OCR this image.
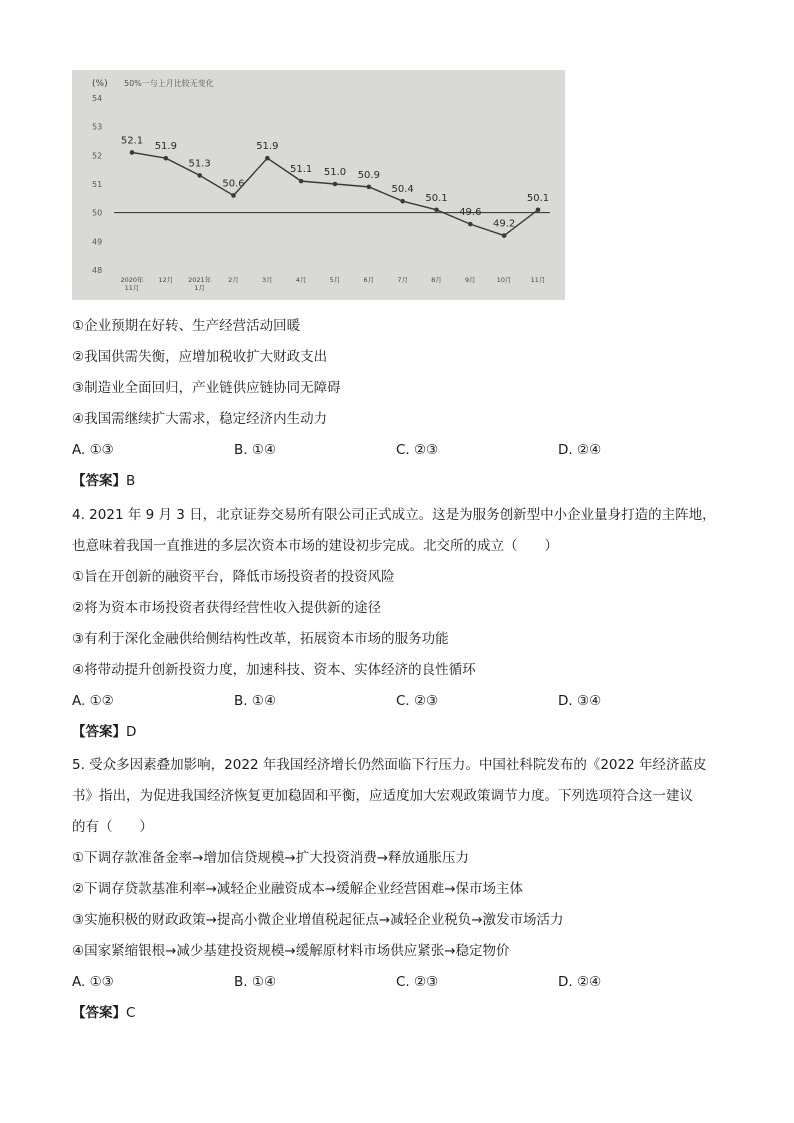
(%) 50%一与上月比较无变化
54
53
52
51
50
49
48
52.1
51.9
51.3
50.6
51.9
51.1 51.0 50.9
50.4
50.1
49.6
49.2
50.1
2020年 11月
12月 2021年 1月
2月	3月	4月	5月	6月	7月	8月	9月	10月	11月
①企业预期在好转、生产经营活动回暖
②我国供需失衡，应增加税收扩大财政支出
③制造业全面回归，产业链供应链协同无障碍
④我国需继续扩大需求，稳定经济内生动力
A. ①③	B. ①④	C. ②③	D. ②④
【答案】B
4. 2021 年 9 月 3 日，北京证券交易所有限公司正式成立。这是为服务创新型中小企业量身打造的主阵地，
也意味着我国一直推进的多层次资本市场的建设初步完成。北交所的成立（　　）
①旨在开创新的融资平台，降低市场投资者的投资风险
②将为资本市场投资者获得经营性收入提供新的途径
③有利于深化金融供给侧结构性改革，拓展资本市场的服务功能
④将带动提升创新投资力度，加速科技、资本、实体经济的良性循环
A. ①②	B. ①④	C. ②③	D. ③④
【答案】D
5. 受众多因素叠加影响，2022 年我国经济增长仍然面临下行压力。中国社科院发布的《2022 年经济蓝皮
书》指出，为促进我国经济恢复更加稳固和平衡，应适度加大宏观政策调节力度。下列选项符合这一建议
的有（　　）
①下调存款准备金率→增加信贷规模→扩大投资消费→释放通胀压力
②下调存贷款基准利率→减轻企业融资成本→缓解企业经营困难→保市场主体
③实施积极的财政政策→提高小微企业增值税起征点→减轻企业税负→激发市场活力
④国家紧缩银根→减少基建投资规模→缓解原材料市场供应紧张→稳定物价
A. ①③	B. ①④	C. ②③	D. ②④
【答案】C
